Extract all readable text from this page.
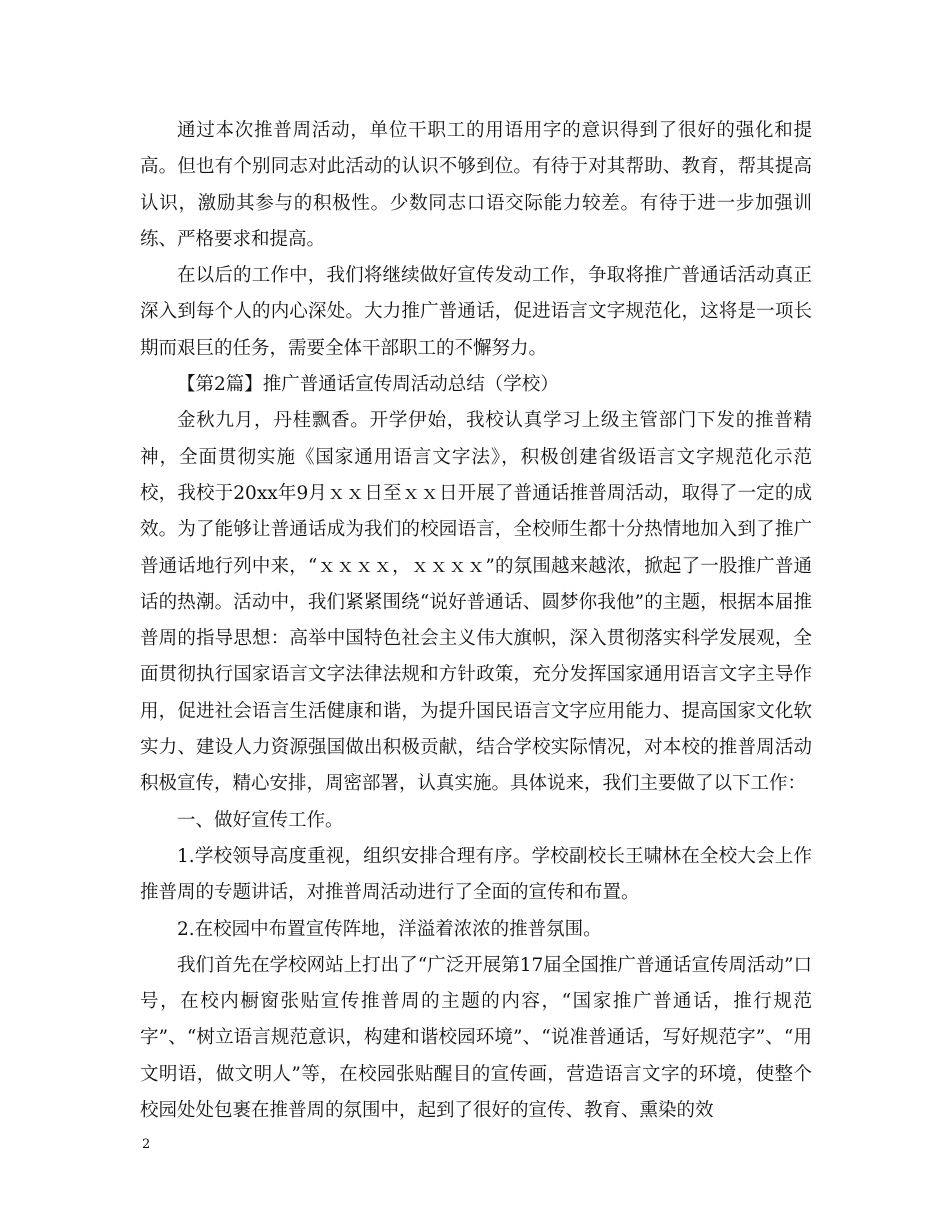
通过本次推普周活动，单位干职工的用语用字的意识得到了很好的强化和提高。但也有个别同志对此活动的认识不够到位。有待于对其帮助、教育，帮其提高认识，激励其参与的积极性。少数同志口语交际能力较差。有待于进一步加强训练、严格要求和提高。

在以后的工作中，我们将继续做好宣传发动工作，争取将推广普通话活动真正深入到每个人的内心深处。大力推广普通话，促进语言文字规范化，这将是一项长期而艰巨的任务，需要全体干部职工的不懈努力。

【第2篇】推广普通话宣传周活动总结（学校）

金秋九月，丹桂飘香。开学伊始，我校认真学习上级主管部门下发的推普精神，全面贯彻实施《国家通用语言文字法》，积极创建省级语言文字规范化示范校，我校于20xx年9月ｘｘ日至ｘｘ日开展了普通话推普周活动，取得了一定的成效。为了能够让普通话成为我们的校园语言，全校师生都十分热情地加入到了推广普通话地行列中来，“ｘｘｘｘ，ｘｘｘｘ”的氛围越来越浓，掀起了一股推广普通话的热潮。活动中，我们紧紧围绕“说好普通话、圆梦你我他”的主题，根据本届推普周的指导思想：高举中国特色社会主义伟大旗帜，深入贯彻落实科学发展观，全面贯彻执行国家语言文字法律法规和方针政策，充分发挥国家通用语言文字主导作用，促进社会语言生活健康和谐，为提升国民语言文字应用能力、提高国家文化软实力、建设人力资源强国做出积极贡献，结合学校实际情况，对本校的推普周活动积极宣传，精心安排，周密部署，认真实施。具体说来，我们主要做了以下工作：

一、做好宣传工作。

1.学校领导高度重视，组织安排合理有序。学校副校长王啸林在全校大会上作推普周的专题讲话，对推普周活动进行了全面的宣传和布置。

2.在校园中布置宣传阵地，洋溢着浓浓的推普氛围。

我们首先在学校网站上打出了“广泛开展第17届全国推广普通话宣传周活动”口号，在校内橱窗张贴宣传推普周的主题的内容，“国家推广普通话，推行规范字”、“树立语言规范意识，构建和谐校园环境”、“说准普通话，写好规范字”、“用文明语，做文明人”等，在校园张贴醒目的宣传画，营造语言文字的环境，使整个校园处处包裹在推普周的氛围中，起到了很好的宣传、教育、熏染的效

2
